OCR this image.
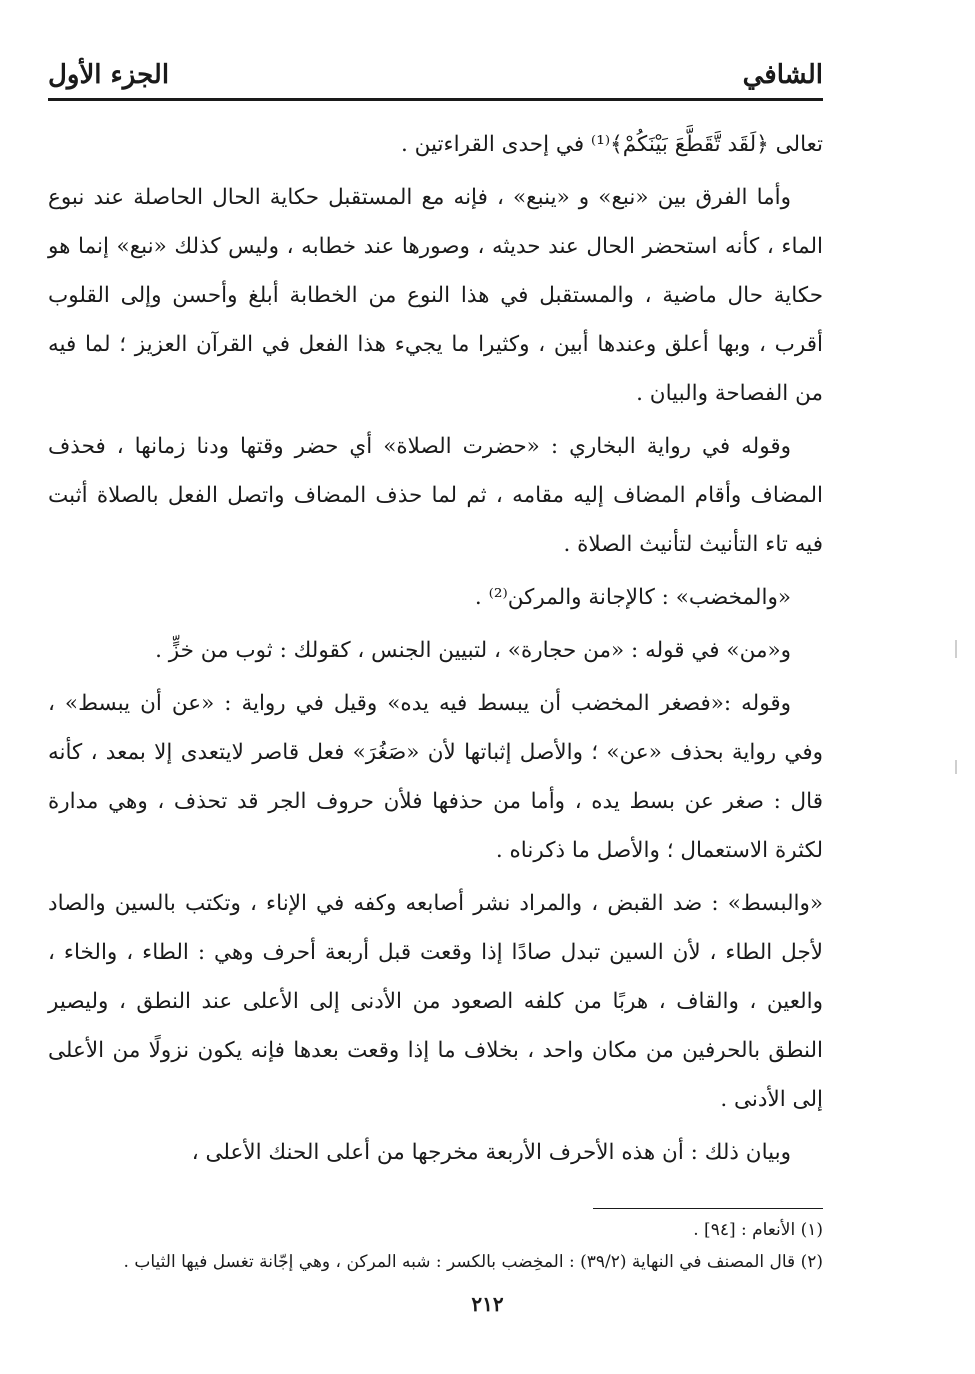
الشافي
الجزء الأول

تعالى ﴿لَقَد تَّقَطَّعَ بَيْنَكُمْ﴾⁽¹⁾ في إحدى القراءتين .

وأما الفرق بين «نبع» و «ينبع» ، فإنه مع المستقبل حكاية الحال الحاصلة عند نبوع الماء ، كأنه استحضر الحال عند حديثه ، وصورها عند خطابه ، وليس كذلك «نبع» إنما هو حكاية حال ماضية ، والمستقبل في هذا النوع من الخطابة أبلغ وأحسن وإلى القلوب أقرب ، وبها أعلق وعندها أبين ، وكثيرا ما يجيء هذا الفعل في القرآن العزيز ؛ لما فيه من الفصاحة والبيان .

وقوله في رواية البخاري : «حضرت الصلاة» أي حضر وقتها ودنا زمانها ، فحذف المضاف وأقام المضاف إليه مقامه ، ثم لما حذف المضاف واتصل الفعل بالصلاة أثبت فيه تاء التأنيث لتأنيث الصلاة .

«والمخضب» : كالإجانة والمركن⁽²⁾ .

و«من» في قوله : «من حجارة» ، لتبيين الجنس ، كقولك : ثوب من خزٍّ .

وقوله :«فصغر المخضب أن يبسط فيه يده» وقيل في رواية : «عن أن يبسط» ، وفي رواية بحذف «عن» ؛ والأصل إثباتها لأن «صَغُرَ» فعل قاصر لايتعدى إلا بمعد ، كأنه قال : صغر عن بسط يده ، وأما من حذفها فلأن حروف الجر قد تحذف ، وهي مدارة لكثرة الاستعمال ؛ والأصل ما ذكرناه .

«والبسط» : ضد القبض ، والمراد نشر أصابعه وكفه في الإناء ، وتكتب بالسين والصاد لأجل الطاء ، لأن السين تبدل صادًا إذا وقعت قبل أربعة أحرف وهي : الطاء ، والخاء ، والعين ، والقاف ، هربًا من كلفه الصعود من الأدنى إلى الأعلى عند النطق ، وليصير النطق بالحرفين من مكان واحد ، بخلاف ما إذا وقعت بعدها فإنه يكون نزولًا من الأعلى إلى الأدنى .

وبيان ذلك : أن هذه الأحرف الأربعة مخرجها من أعلى الحنك الأعلى ،

(١) الأنعام : [٩٤] .
(٢) قال المصنف في النهاية (٣٩/٢) : المخِضب بالكسر : شبه المركن ، وهي إجّانة تغسل فيها الثياب .
٢١٢
